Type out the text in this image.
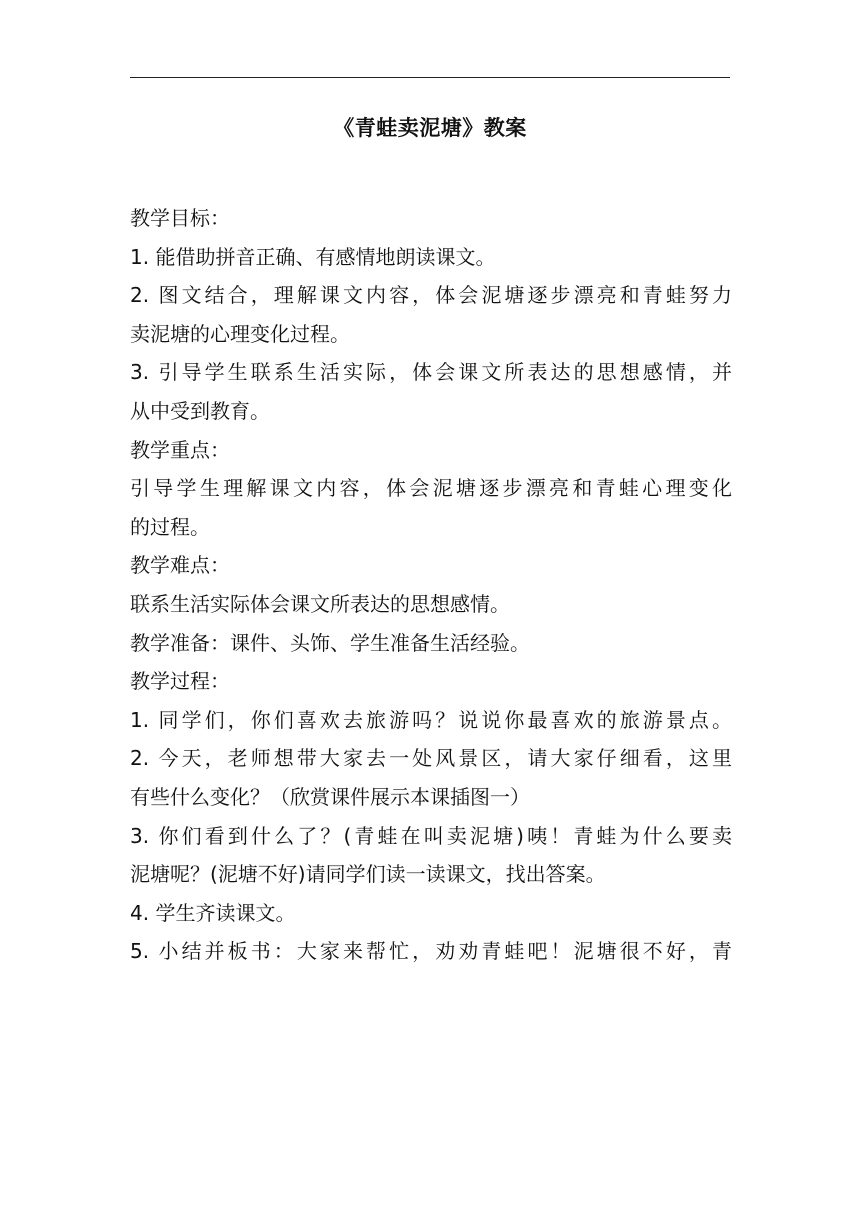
《青蛙卖泥塘》教案
教学目标：
1. 能借助拼音正确、有感情地朗读课文。
2. 图文结合，理解课文内容，体会泥塘逐步漂亮和青蛙努力
卖泥塘的心理变化过程。
3. 引导学生联系生活实际，体会课文所表达的思想感情，并
从中受到教育。
教学重点：
引导学生理解课文内容，体会泥塘逐步漂亮和青蛙心理变化
的过程。
教学难点：
联系生活实际体会课文所表达的思想感情。
教学准备：课件、头饰、学生准备生活经验。
教学过程：
1. 同学们，你们喜欢去旅游吗？说说你最喜欢的旅游景点。
2. 今天，老师想带大家去一处风景区，请大家仔细看，这里
有些什么变化？（欣赏课件展示本课插图一）
3. 你们看到什么了？(青蛙在叫卖泥塘)咦！青蛙为什么要卖
泥塘呢？(泥塘不好)请同学们读一读课文，找出答案。
4. 学生齐读课文。
5. 小结并板书：大家来帮忙，劝劝青蛙吧！泥塘很不好，青
